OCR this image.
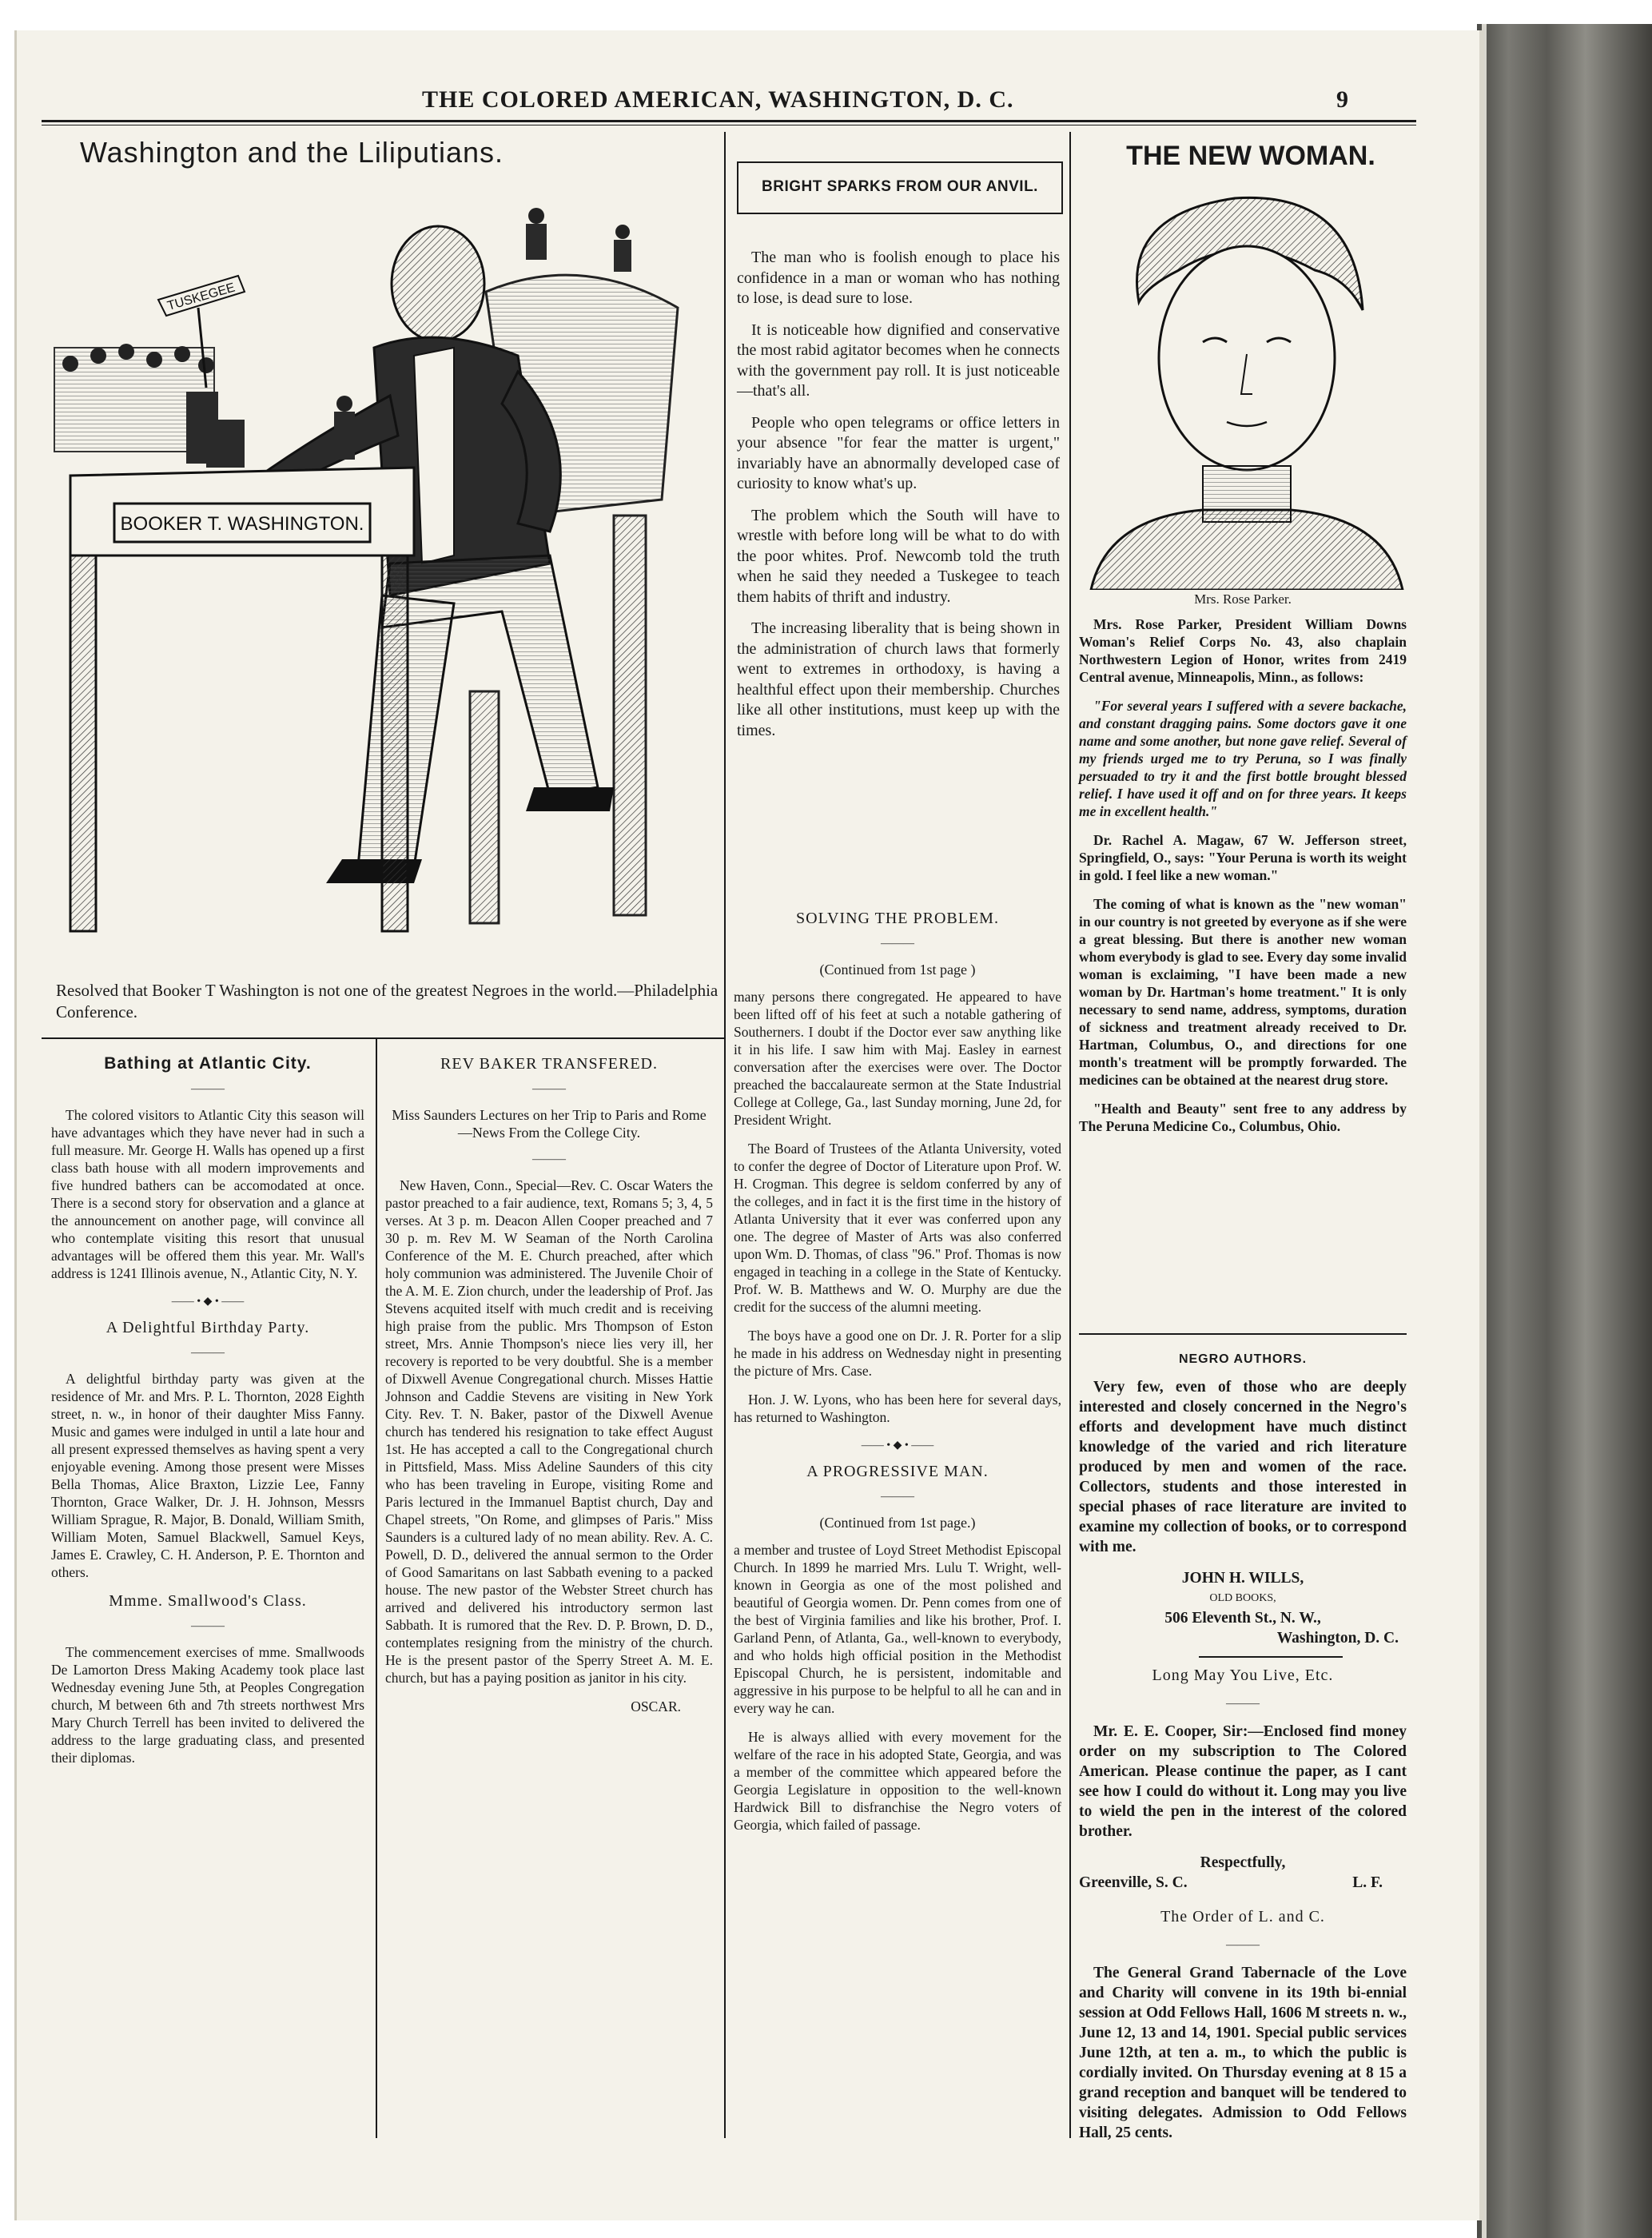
THE COLORED AMERICAN, WASHINGTON, D. C.	9
Washington and the Liliputians.
BOOKER T. WASHINGTON.
TUSKEGEE
Resolved that Booker T Washington is not one of the greatest Negroes in the world.—Philadelphia Conference.
Bathing at Atlantic City.
———

The colored visitors to Atlantic City this season will have advantages which they have never had in such a full measure. Mr. George H. Walls has opened up a first class bath house with all modern improvements and five hundred bathers can be accomodated at once. There is a second story for observation and a glance at the announcement on another page, will convince all who contemplate visiting this resort that unusual advantages will be offered them this year. Mr. Wall's address is 1241 Illinois avenue, N., Atlantic City, N. Y.

—— • ◆ • ——
A Delightful Birthday Party.
———

A delightful birthday party was given at the residence of Mr. and Mrs. P. L. Thornton, 2028 Eighth street, n. w., in honor of their daughter Miss Fanny. Music and games were indulged in until a late hour and all present expressed themselves as having spent a very enjoyable evening. Among those present were Misses Bella Thomas, Alice Braxton, Lizzie Lee, Fanny Thornton, Grace Walker, Dr. J. H. Johnson, Messrs William Sprague, R. Major, B. Donald, William Smith, William Moten, Samuel Blackwell, Samuel Keys, James E. Crawley, C. H. Anderson, P. E. Thornton and others.

Mmme. Smallwood's Class.
———

The commencement exercises of mme. Smallwoods De Lamorton Dress Making Academy took place last Wednesday evening June 5th, at Peoples Congregation church, M between 6th and 7th streets northwest Mrs Mary Church Terrell has been invited to delivered the address to the large graduating class, and presented their diplomas.

REV BAKER TRANSFERED.
———
Miss Saunders Lectures on her Trip to Paris and Rome—News From the College City.
———

New Haven, Conn., Special—Rev. C. Oscar Waters the pastor preached to a fair audience, text, Romans 5; 3, 4, 5 verses. At 3 p. m. Deacon Allen Cooper preached and 7 30 p. m. Rev M. W Seaman of the North Carolina Conference of the M. E. Church preached, after which holy communion was administered. The Juvenile Choir of the A. M. E. Zion church, under the leadership of Prof. Jas Stevens acquited itself with much credit and is receiving high praise from the public. Mrs Thompson of Eston street, Mrs. Annie Thompson's niece lies very ill, her recovery is reported to be very doubtful. She is a member of Dixwell Avenue Congregational church. Misses Hattie Johnson and Caddie Stevens are visiting in New York City. Rev. T. N. Baker, pastor of the Dixwell Avenue church has tendered his resignation to take effect August 1st. He has accepted a call to the Congregational church in Pittsfield, Mass. Miss Adeline Saunders of this city who has been traveling in Europe, visiting Rome and Paris lectured in the Immanuel Baptist church, Day and Chapel streets, "On Rome, and glimpses of Paris." Miss Saunders is a cultured lady of no mean ability. Rev. A. C. Powell, D. D., delivered the annual sermon to the Order of Good Samaritans on last Sabbath evening to a packed house. The new pastor of the Webster Street church has arrived and delivered his introductory sermon last Sabbath. It is rumored that the Rev. D. P. Brown, D. D., contemplates resigning from the ministry of the church. He is the present pastor of the Sperry Street A. M. E. church, but has a paying position as janitor in his city.

OSCAR.
BRIGHT SPARKS FROM OUR ANVIL.

The man who is foolish enough to place his confidence in a man or woman who has nothing to lose, is dead sure to lose.

It is noticeable how dignified and conservative the most rabid agitator becomes when he connects with the government pay roll. It is just noticeable—that's all.

People who open telegrams or office letters in your absence "for fear the matter is urgent," invariably have an abnormally developed case of curiosity to know what's up.

The problem which the South will have to wrestle with before long will be what to do with the poor whites. Prof. Newcomb told the truth when he said they needed a Tuskegee to teach them habits of thrift and industry.

The increasing liberality that is being shown in the administration of church laws that formerly went to extremes in orthodoxy, is having a healthful effect upon their membership. Churches like all other institutions, must keep up with the times.

SOLVING THE PROBLEM.
———
(Continued from 1st page )

many persons there congregated. He appeared to have been lifted off of his feet at such a notable gathering of Southerners. I doubt if the Doctor ever saw anything like it in his life. I saw him with Maj. Easley in earnest conversation after the exercises were over. The Doctor preached the baccalaureate sermon at the State Industrial College at College, Ga., last Sunday morning, June 2d, for President Wright.

The Board of Trustees of the Atlanta University, voted to confer the degree of Doctor of Literature upon Prof. W. H. Crogman. This degree is seldom conferred by any of the colleges, and in fact it is the first time in the history of Atlanta University that it ever was conferred upon any one. The degree of Master of Arts was also conferred upon Wm. D. Thomas, of class "96." Prof. Thomas is now engaged in teaching in a college in the State of Kentucky. Prof. W. B. Matthews and W. O. Murphy are due the credit for the success of the alumni meeting.

The boys have a good one on Dr. J. R. Porter for a slip he made in his address on Wednesday night in presenting the picture of Mrs. Case.

Hon. J. W. Lyons, who has been here for several days, has returned to Washington.

—— • ◆ • ——
A PROGRESSIVE MAN.
———
(Continued from 1st page.)

a member and trustee of Loyd Street Methodist Episcopal Church. In 1899 he married Mrs. Lulu T. Wright, well-known in Georgia as one of the most polished and beautiful of Georgia women. Dr. Penn comes from one of the best of Virginia families and like his brother, Prof. I. Garland Penn, of Atlanta, Ga., well-known to everybody, and who holds high official position in the Methodist Episcopal Church, he is persistent, indomitable and aggressive in his purpose to be helpful to all he can and in every way he can.

He is always allied with every movement for the welfare of the race in his adopted State, Georgia, and was a member of the committee which appeared before the Georgia Legislature in opposition to the well-known Hardwick Bill to disfranchise the Negro voters of Georgia, which failed of passage.

THE NEW WOMAN.
Mrs. Rose Parker.

Mrs. Rose Parker, President William Downs Woman's Relief Corps No. 43, also chaplain Northwestern Legion of Honor, writes from 2419 Central avenue, Minneapolis, Minn., as follows:

"For several years I suffered with a severe backache, and constant dragging pains. Some doctors gave it one name and some another, but none gave relief. Several of my friends urged me to try Peruna, so I was finally persuaded to try it and the first bottle brought blessed relief. I have used it off and on for three years. It keeps me in excellent health."

Dr. Rachel A. Magaw, 67 W. Jefferson street, Springfield, O., says: "Your Peruna is worth its weight in gold. I feel like a new woman."

The coming of what is known as the "new woman" in our country is not greeted by everyone as if she were a great blessing. But there is another new woman whom everybody is glad to see. Every day some invalid woman is exclaiming, "I have been made a new woman by Dr. Hartman's home treatment." It is only necessary to send name, address, symptoms, duration of sickness and treatment already received to Dr. Hartman, Columbus, O., and directions for one month's treatment will be promptly forwarded. The medicines can be obtained at the nearest drug store.

"Health and Beauty" sent free to any address by The Peruna Medicine Co., Columbus, Ohio.

NEGRO AUTHORS.

Very few, even of those who are deeply interested and closely concerned in the Negro's efforts and development have much distinct knowledge of the varied and rich literature produced by men and women of the race. Collectors, students and those interested in special phases of race literature are invited to examine my collection of books, or to correspond with me.

JOHN H. WILLS,
OLD BOOKS,
506 Eleventh St., N. W.,
Washington, D. C.
Long May You Live, Etc.
———

Mr. E. E. Cooper, Sir:—Enclosed find money order on my subscription to The Colored American. Please continue the paper, as I cant see how I could do without it. Long may you live to wield the pen in the interest of the colored brother.

Respectfully,
Greenville, S. C.	L. F.
The Order of L. and C.
———

The General Grand Tabernacle of the Love and Charity will convene in its 19th bi-ennial session at Odd Fellows Hall, 1606 M streets n. w., June 12, 13 and 14, 1901. Special public services June 12th, at ten a. m., to which the public is cordially invited. On Thursday evening at 8 15 a grand reception and banquet will be tendered to visiting delegates. Admission to Odd Fellows Hall, 25 cents.
